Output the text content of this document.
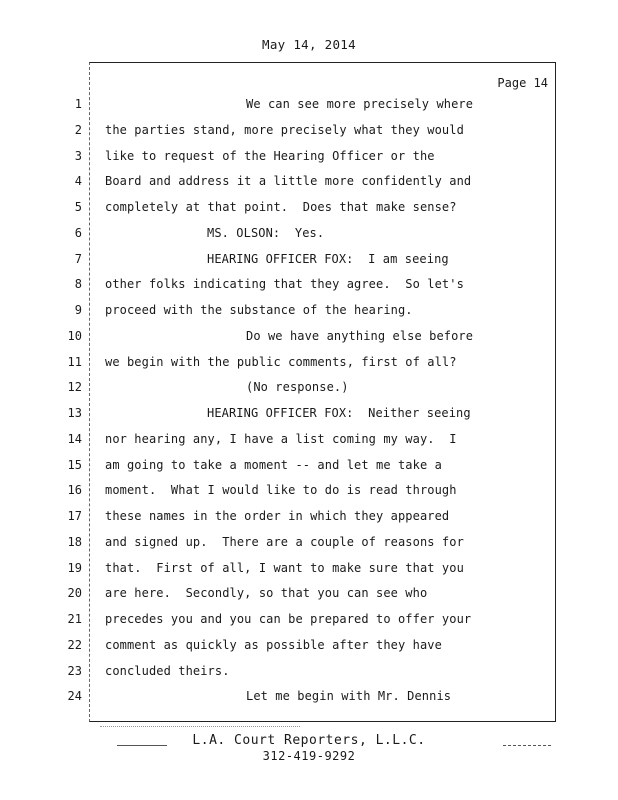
May 14, 2014
Page 14
1	We can see more precisely where
2 the parties stand, more precisely what they would
3 like to request of the Hearing Officer or the
4 Board and address it a little more confidently and
5 completely at that point.  Does that make sense?
6	MS. OLSON:  Yes.
7	HEARING OFFICER FOX:  I am seeing
8 other folks indicating that they agree.  So let's
9 proceed with the substance of the hearing.
10	Do we have anything else before
11 we begin with the public comments, first of all?
12	(No response.)
13	HEARING OFFICER FOX:  Neither seeing
14 nor hearing any, I have a list coming my way.  I
15 am going to take a moment -- and let me take a
16 moment.  What I would like to do is read through
17 these names in the order in which they appeared
18 and signed up.  There are a couple of reasons for
19 that.  First of all, I want to make sure that you
20 are here.  Secondly, so that you can see who
21 precedes you and you can be prepared to offer your
22 comment as quickly as possible after they have
23 concluded theirs.
24	Let me begin with Mr. Dennis
L.A. Court Reporters, L.L.C.
312-419-9292
